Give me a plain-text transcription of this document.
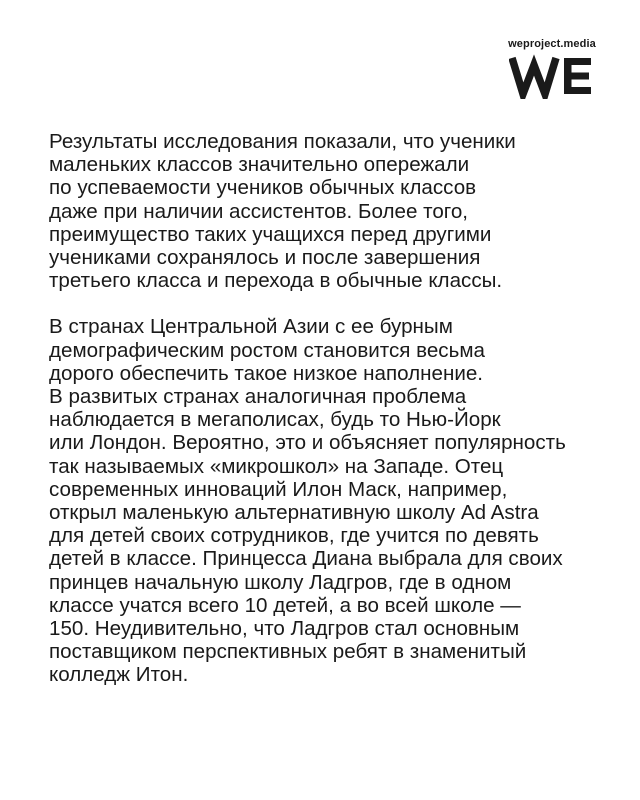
weproject.media

Результаты исследования показали, что ученики
маленьких классов значительно опережали
по успеваемости учеников обычных классов
даже при наличии ассистентов. Более того,
преимущество таких учащихся перед другими
учениками сохранялось и после завершения
третьего класса и перехода в обычные классы.

В странах Центральной Азии с ее бурным
демографическим ростом становится весьма
дорого обеспечить такое низкое наполнение.
В развитых странах аналогичная проблема
наблюдается в мегаполисах, будь то Нью-Йорк
или Лондон. Вероятно, это и объясняет популярность
так называемых «микрошкол» на Западе. Отец
современных инноваций Илон Маск, например,
открыл маленькую альтернативную школу Ad Astra
для детей своих сотрудников, где учится по девять
детей в классе. Принцесса Диана выбрала для своих
принцев начальную школу Ладгров, где в одном
классе учатся всего 10 детей, а во всей школе —
150. Неудивительно, что Ладгров стал основным
поставщиком перспективных ребят в знаменитый
колледж Итон.
